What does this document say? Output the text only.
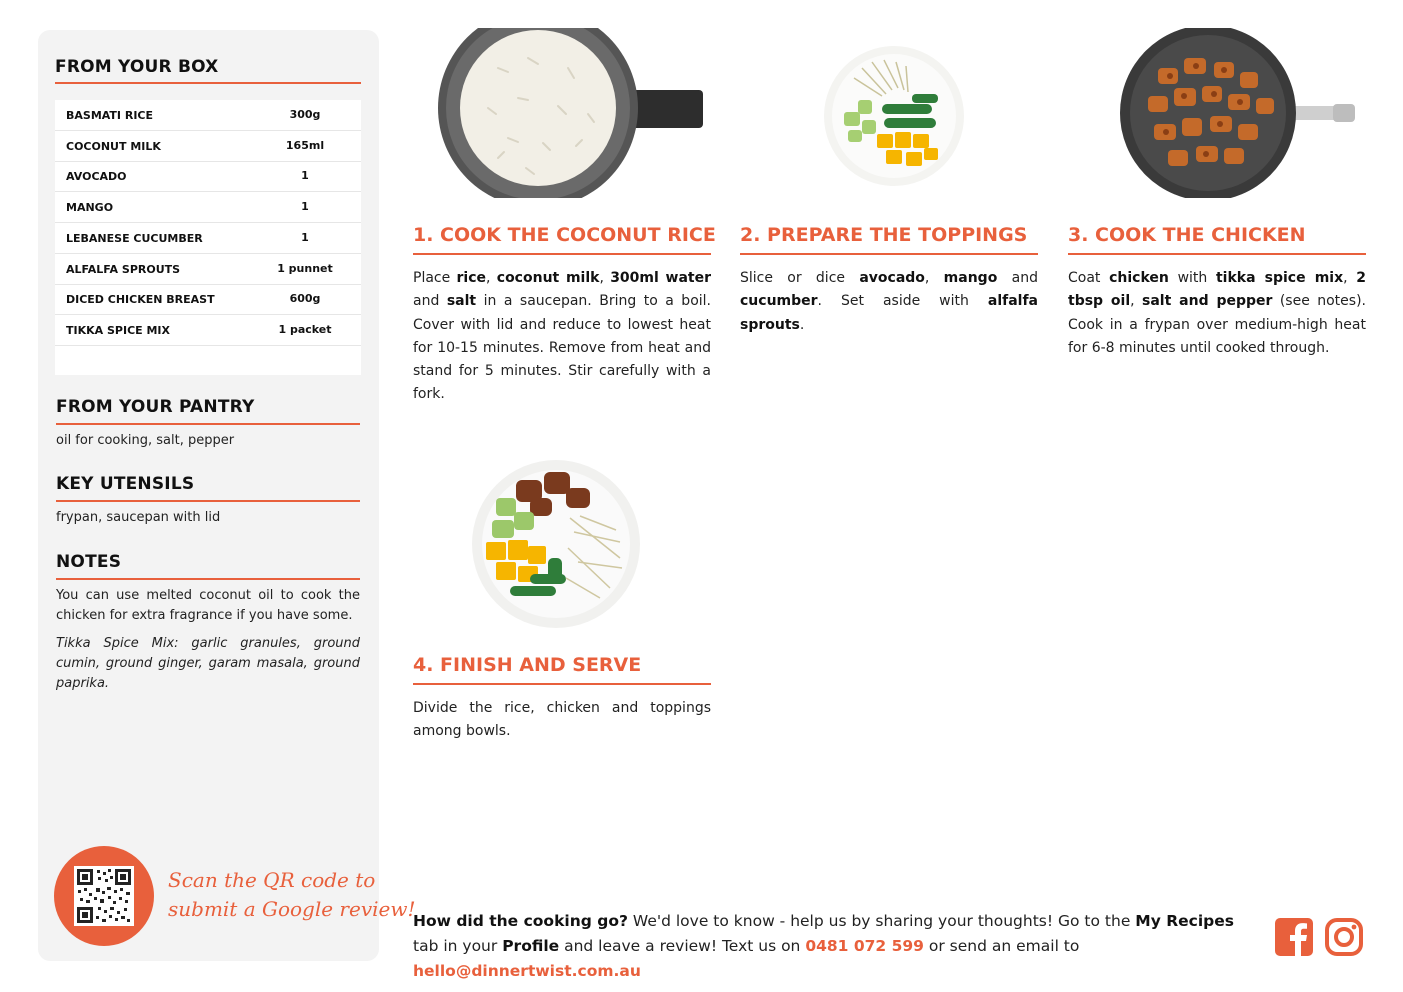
FROM YOUR BOX
BASMATI RICE	300g
COCONUT MILK	165ml
AVOCADO	1
MANGO	1
LEBANESE CUCUMBER	1
ALFALFA SPROUTS	1 punnet
DICED CHICKEN BREAST	600g
TIKKA SPICE MIX	1 packet
FROM YOUR PANTRY
oil for cooking, salt, pepper
KEY UTENSILS
frypan, saucepan with lid
NOTES
You can use melted coconut oil to cook the chicken for extra fragrance if you have some.
Tikka Spice Mix: garlic granules, ground cumin, ground ginger, garam masala, ground paprika.
Scan the QR code to
submit a Google review!
1. COOK THE COCONUT RICE
Place rice, coconut milk, 300ml water and salt in a saucepan. Bring to a boil. Cover with lid and reduce to lowest heat for 10-15 minutes. Remove from heat and stand for 5 minutes. Stir carefully with a fork.
2. PREPARE THE TOPPINGS
Slice or dice avocado, mango and cucumber. Set aside with alfalfa sprouts.
3. COOK THE CHICKEN
Coat chicken with tikka spice mix, 2 tbsp oil, salt and pepper (see notes). Cook in a frypan over medium-high heat for 6-8 minutes until cooked through.
4. FINISH AND SERVE
Divide the rice, chicken and toppings among bowls.
How did the cooking go? We'd love to know - help us by sharing your thoughts! Go to the My Recipes tab in your Profile and leave a review! Text us on 0481 072 599 or send an email to hello@dinnertwist.com.au
